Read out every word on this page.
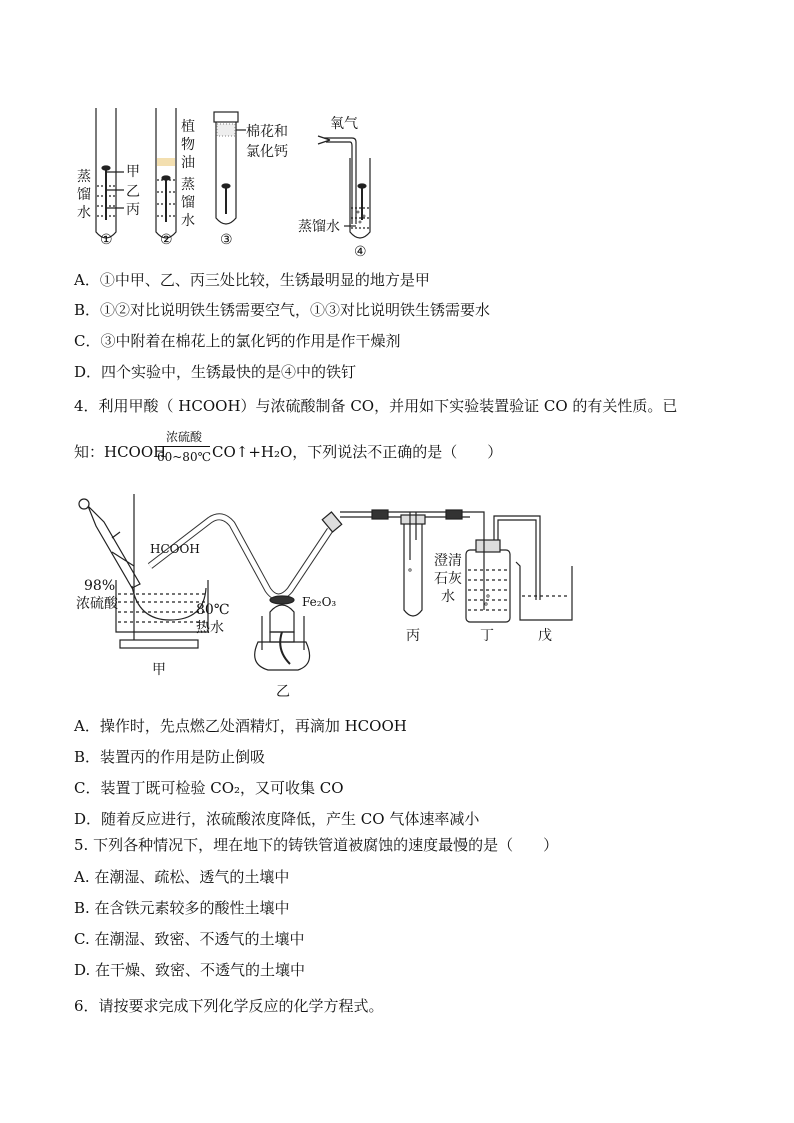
蒸馏水
甲
乙
丙
植物油
蒸馏水
棉花和
氯化钙
氧气
蒸馏水
①	②	③
④
A．①中甲、乙、丙三处比较，生锈最明显的地方是甲
B．①②对比说明铁生锈需要空气，①③对比说明铁生锈需要水
C．③中附着在棉花上的氯化钙的作用是作干燥剂
D．四个实验中，生锈最快的是④中的铁钉
4．利用甲酸（ HCOOH）与浓硫酸制备 CO，并用如下实验装置验证 CO 的有关性质。已
知：HCOOH
浓硫酸
60~80℃ CO↑+H₂O，下列说法不正确的是（　　）
HCOOH
98%
浓硫酸	80℃
热水
Fe₂O₃
澄清石灰水
甲
乙
丙	丁	戊
A．操作时，先点燃乙处酒精灯，再滴加 HCOOH
B．装置丙的作用是防止倒吸
C．装置丁既可检验 CO₂，又可收集 CO
D．随着反应进行，浓硫酸浓度降低，产生 CO 气体速率减小
5. 下列各种情况下，埋在地下的铸铁管道被腐蚀的速度最慢的是（　　）
A. 在潮湿、疏松、透气的土壤中
B. 在含铁元素较多的酸性土壤中
C. 在潮湿、致密、不透气的土壤中
D. 在干燥、致密、不透气的土壤中
6．请按要求完成下列化学反应的化学方程式。
